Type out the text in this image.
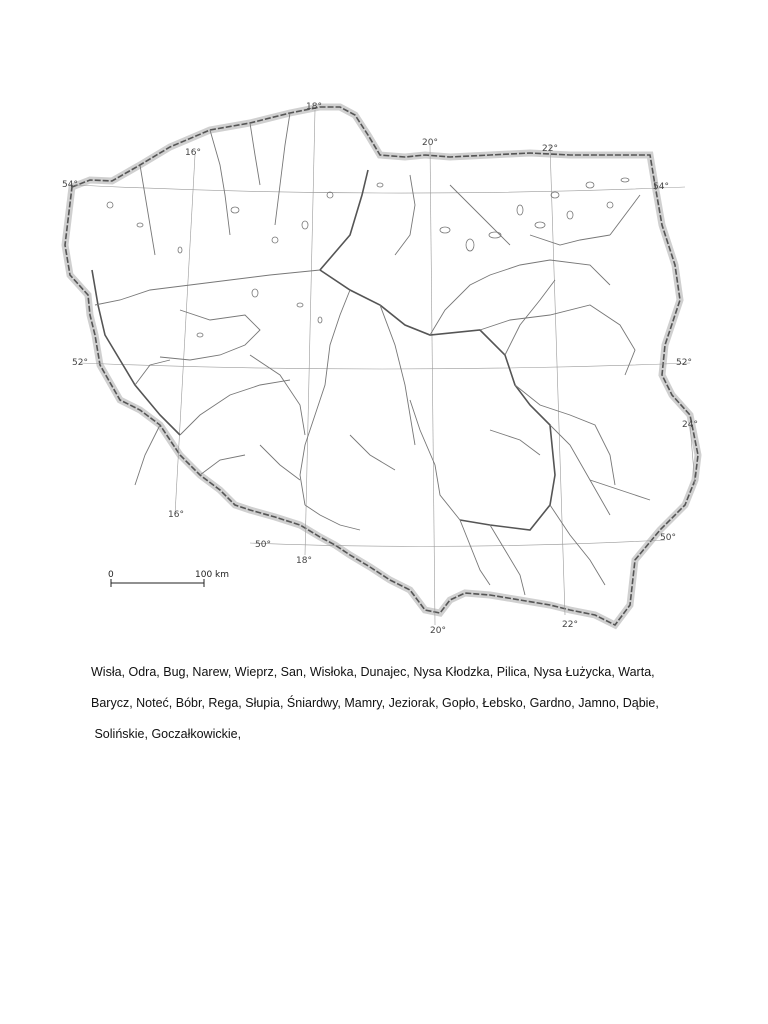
54°	54°
52°	52°
50°
50°
16°
16°
18°
18°
20°
20°
22°
22°
24°
0	100 km

Wisła, Odra, Bug, Narew, Wieprz, San, Wisłoka, Dunajec, Nysa Kłodzka, Pilica, Nysa Łużycka, Warta,

Barycz, Noteć, Bóbr, Rega, Słupia, Śniardwy, Mamry, Jeziorak, Gopło, Łebsko, Gardno, Jamno, Dąbie,

Solińskie, Goczałkowickie,
